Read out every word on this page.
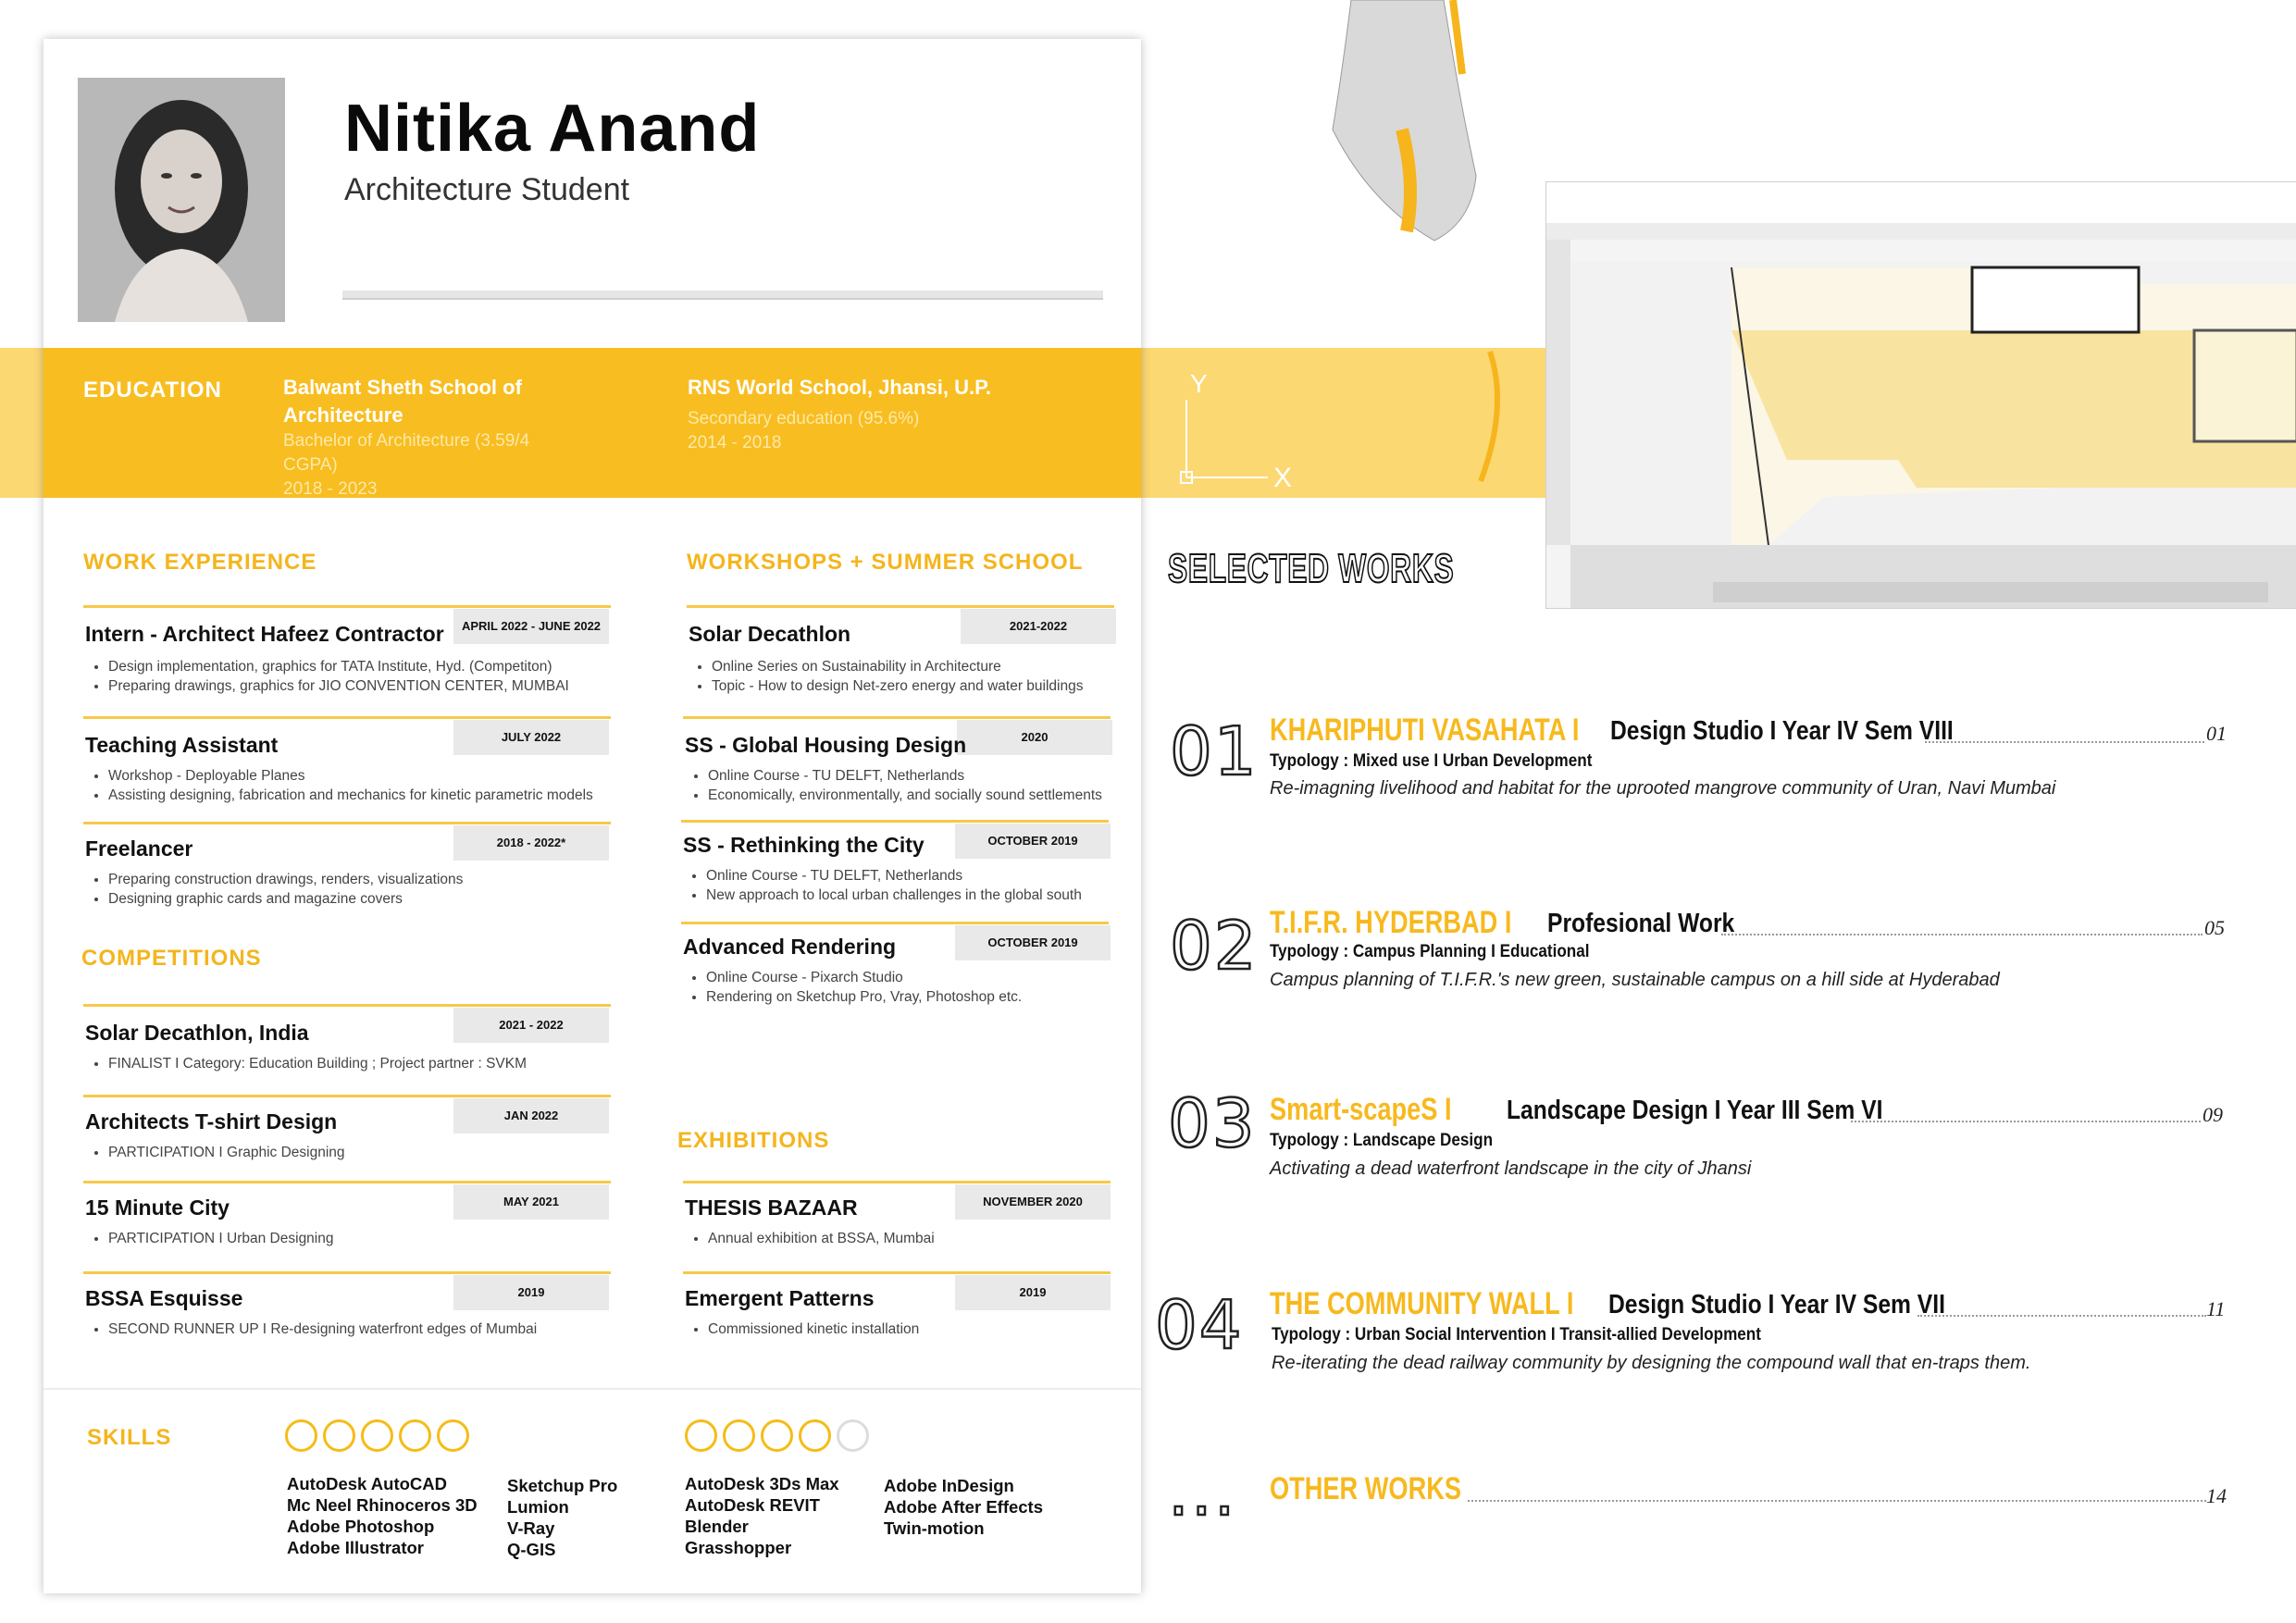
Nitika Anand
Architecture Student
EDUCATION	Balwant Sheth School of
Architecture
Bachelor of Architecture (3.59/4 CGPA)
2018 - 2023
RNS World School, Jhansi, U.P.
Secondary education (95.6%)
2014 - 2018
Y
X
WORK EXPERIENCE
APRIL 2022 - JUNE 2022
Intern - Architect Hafeez Contractor
• Design implementation, graphics for TATA Institute, Hyd. (Competiton)
• Preparing drawings, graphics for JIO CONVENTION CENTER, MUMBAI
JULY 2022
Teaching Assistant
• Workshop - Deployable Planes
• Assisting designing, fabrication and mechanics for kinetic parametric models
2018 - 2022*
Freelancer
• Preparing construction drawings, renders, visualizations
• Designing graphic cards and magazine covers
COMPETITIONS
2021 - 2022
Solar Decathlon, India
• FINALIST I Category: Education Building ; Project partner : SVKM
JAN 2022
Architects T-shirt Design
• PARTICIPATION I Graphic Designing
MAY 2021
15 Minute City
• PARTICIPATION I Urban Designing
2019
BSSA Esquisse
• SECOND RUNNER UP I Re-designing waterfront edges of Mumbai
WORKSHOPS + SUMMER SCHOOL
2021-2022
Solar Decathlon
• Online Series on Sustainability in Architecture
• Topic - How to design Net-zero energy and water buildings
2020
SS - Global Housing Design
• Online Course - TU DELFT, Netherlands
• Economically, environmentally, and socially sound settlements
OCTOBER 2019
SS - Rethinking the City
• Online Course - TU DELFT, Netherlands
• New approach to local urban challenges in the global south
OCTOBER 2019
Advanced Rendering
• Online Course - Pixarch Studio
• Rendering on Sketchup Pro, Vray, Photoshop etc.
EXHIBITIONS
NOVEMBER 2020
THESIS BAZAAR
• Annual exhibition at BSSA, Mumbai
2019
Emergent Patterns
• Commissioned kinetic installation
SKILLS
AutoDesk AutoCAD
Mc Neel Rhinoceros 3D
Adobe Photoshop
Adobe Illustrator
Sketchup Pro
Lumion
V-Ray
Q-GIS
AutoDesk 3Ds Max
AutoDesk REVIT
Blender
Grasshopper
Adobe InDesign
Adobe After Effects
Twin-motion
SELECTED WORKS
01 KHARIPHUTI VASAHATA I Design Studio I Year IV Sem VIII	01
Typology : Mixed use I Urban Development
Re-imagning livelihood and habitat for the uprooted mangrove community of Uran, Navi Mumbai
02 T.I.F.R. HYDERBAD I Profesional Work	05
Typology : Campus Planning I Educational
Campus planning of T.I.F.R.'s new green, sustainable campus on a hill side at Hyderabad
03 Smart-scapeS I Landscape Design I Year III Sem VI	09
Typology : Landscape Design
Activating a dead waterfront landscape in the city of Jhansi
04 THE COMMUNITY WALL I Design Studio I Year IV Sem VII	11
Typology : Urban Social Intervention I Transit-allied Development
Re-iterating the dead railway community by designing the compound wall that en-traps them.
... OTHER WORKS	14
